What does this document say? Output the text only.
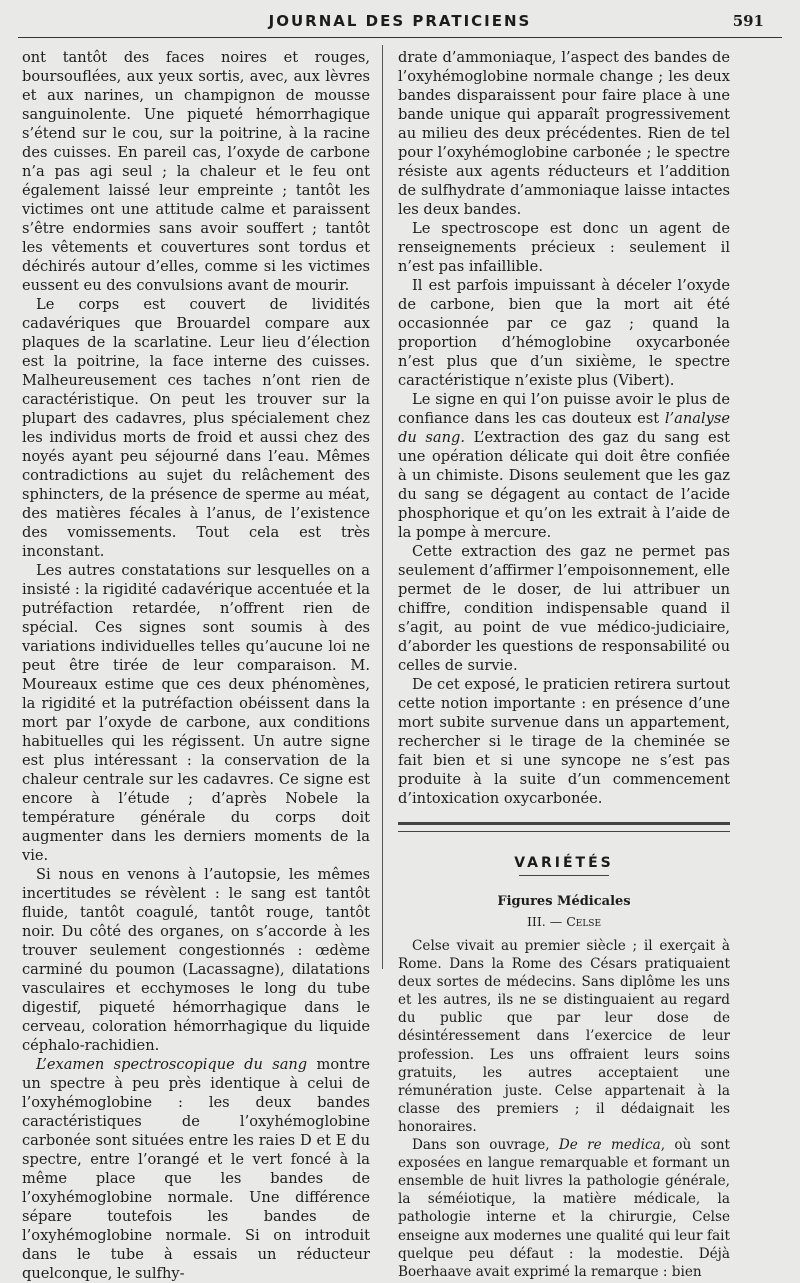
JOURNAL DES PRATICIENS	591

ont tantôt des faces noires et rouges, boursouflées, aux yeux sortis, avec, aux lèvres et aux narines, un champignon de mousse sanguinolente. Une piqueté hémorrhagique s’étend sur le cou, sur la poitrine, à la racine des cuisses. En pareil cas, l’oxyde de carbone n’a pas agi seul ; la chaleur et le feu ont également laissé leur empreinte ; tantôt les victimes ont une attitude calme et paraissent s’être endormies sans avoir souffert ; tantôt les vêtements et couvertures sont tordus et déchirés autour d’elles, comme si les victimes eussent eu des convulsions avant de mourir.

Le corps est couvert de lividités cadavériques que Brouardel compare aux plaques de la scarlatine. Leur lieu d’élection est la poitrine, la face interne des cuisses. Malheureusement ces taches n’ont rien de caractéristique. On peut les trouver sur la plupart des cadavres, plus spécialement chez les individus morts de froid et aussi chez des noyés ayant peu séjourné dans l’eau. Mêmes contradictions au sujet du relâchement des sphincters, de la présence de sperme au méat, des matières fécales à l’anus, de l’existence des vomissements. Tout cela est très inconstant.

Les autres constatations sur lesquelles on a insisté : la rigidité cadavérique accentuée et la putréfaction retardée, n’offrent rien de spécial. Ces signes sont soumis à des variations individuelles telles qu’aucune loi ne peut être tirée de leur comparaison. M. Moureaux estime que ces deux phénomènes, la rigidité et la putréfaction obéissent dans la mort par l’oxyde de carbone, aux conditions habituelles qui les régissent. Un autre signe est plus intéressant : la conservation de la chaleur centrale sur les cadavres. Ce signe est encore à l’étude ; d’après Nobele la température générale du corps doit augmenter dans les derniers moments de la vie.

Si nous en venons à l’autopsie, les mêmes incertitudes se révèlent : le sang est tantôt fluide, tantôt coagulé, tantôt rouge, tantôt noir. Du côté des organes, on s’accorde à les trouver seulement congestionnés : œdème carminé du poumon (Lacassagne), dilatations vasculaires et ecchymoses le long du tube digestif, piqueté hémorrhagique dans le cerveau, coloration hémorrhagique du liquide céphalo-rachidien.

L’examen spectroscopique du sang montre un spectre à peu près identique à celui de l’oxyhémoglobine : les deux bandes caractéristiques de l’oxyhémoglobine carbonée sont situées entre les raies D et E du spectre, entre l’orangé et le vert foncé à la même place que les bandes de l’oxyhémoglobine normale. Une différence sépare toutefois les bandes de l’oxyhémoglobine normale. Si on introduit dans le tube à essais un réducteur quelconque, le sulfhy-

drate d’ammoniaque, l’aspect des bandes de l’oxyhémoglobine normale change ; les deux bandes disparaissent pour faire place à une bande unique qui apparaît progressivement au milieu des deux précédentes. Rien de tel pour l’oxyhémoglobine carbonée ; le spectre résiste aux agents réducteurs et l’addition de sulfhydrate d’ammoniaque laisse intactes les deux bandes.

Le spectroscope est donc un agent de renseignements précieux : seulement il n’est pas infaillible.

Il est parfois impuissant à déceler l’oxyde de carbone, bien que la mort ait été occasionnée par ce gaz ; quand la proportion d’hémoglobine oxycarbonée n’est plus que d’un sixième, le spectre caractéristique n’existe plus (Vibert).

Le signe en qui l’on puisse avoir le plus de confiance dans les cas douteux est l’analyse du sang. L’extraction des gaz du sang est une opération délicate qui doit être confiée à un chimiste. Disons seulement que les gaz du sang se dégagent au contact de l’acide phosphorique et qu’on les extrait à l’aide de la pompe à mercure.

Cette extraction des gaz ne permet pas seulement d’affirmer l’empoisonnement, elle permet de le doser, de lui attribuer un chiffre, condition indispensable quand il s’agit, au point de vue médico-judiciaire, d’aborder les questions de responsabilité ou celles de survie.

De cet exposé, le praticien retirera surtout cette notion importante : en présence d’une mort subite survenue dans un appartement, rechercher si le tirage de la cheminée se fait bien et si une syncope ne s’est pas produite à la suite d’un commencement d’intoxication oxycarbonée.

VARIÉTÉS
Figures Médicales
III. — Celse

Celse vivait au premier siècle ; il exerçait à Rome. Dans la Rome des Césars pratiquaient deux sortes de médecins. Sans diplôme les uns et les autres, ils ne se distinguaient au regard du public que par leur dose de désintéressement dans l’exercice de leur profession. Les uns offraient leurs soins gratuits, les autres acceptaient une rémunération juste. Celse appartenait à la classe des premiers ; il dédaignait les honoraires.

Dans son ouvrage, De re medica, où sont exposées en langue remarquable et formant un ensemble de huit livres la pathologie générale, la séméiotique, la matière médicale, la pathologie interne et la chirurgie, Celse enseigne aux modernes une qualité qui leur fait quelque peu défaut : la modestie. Déjà Boerhaave avait exprimé la remarque : bien
